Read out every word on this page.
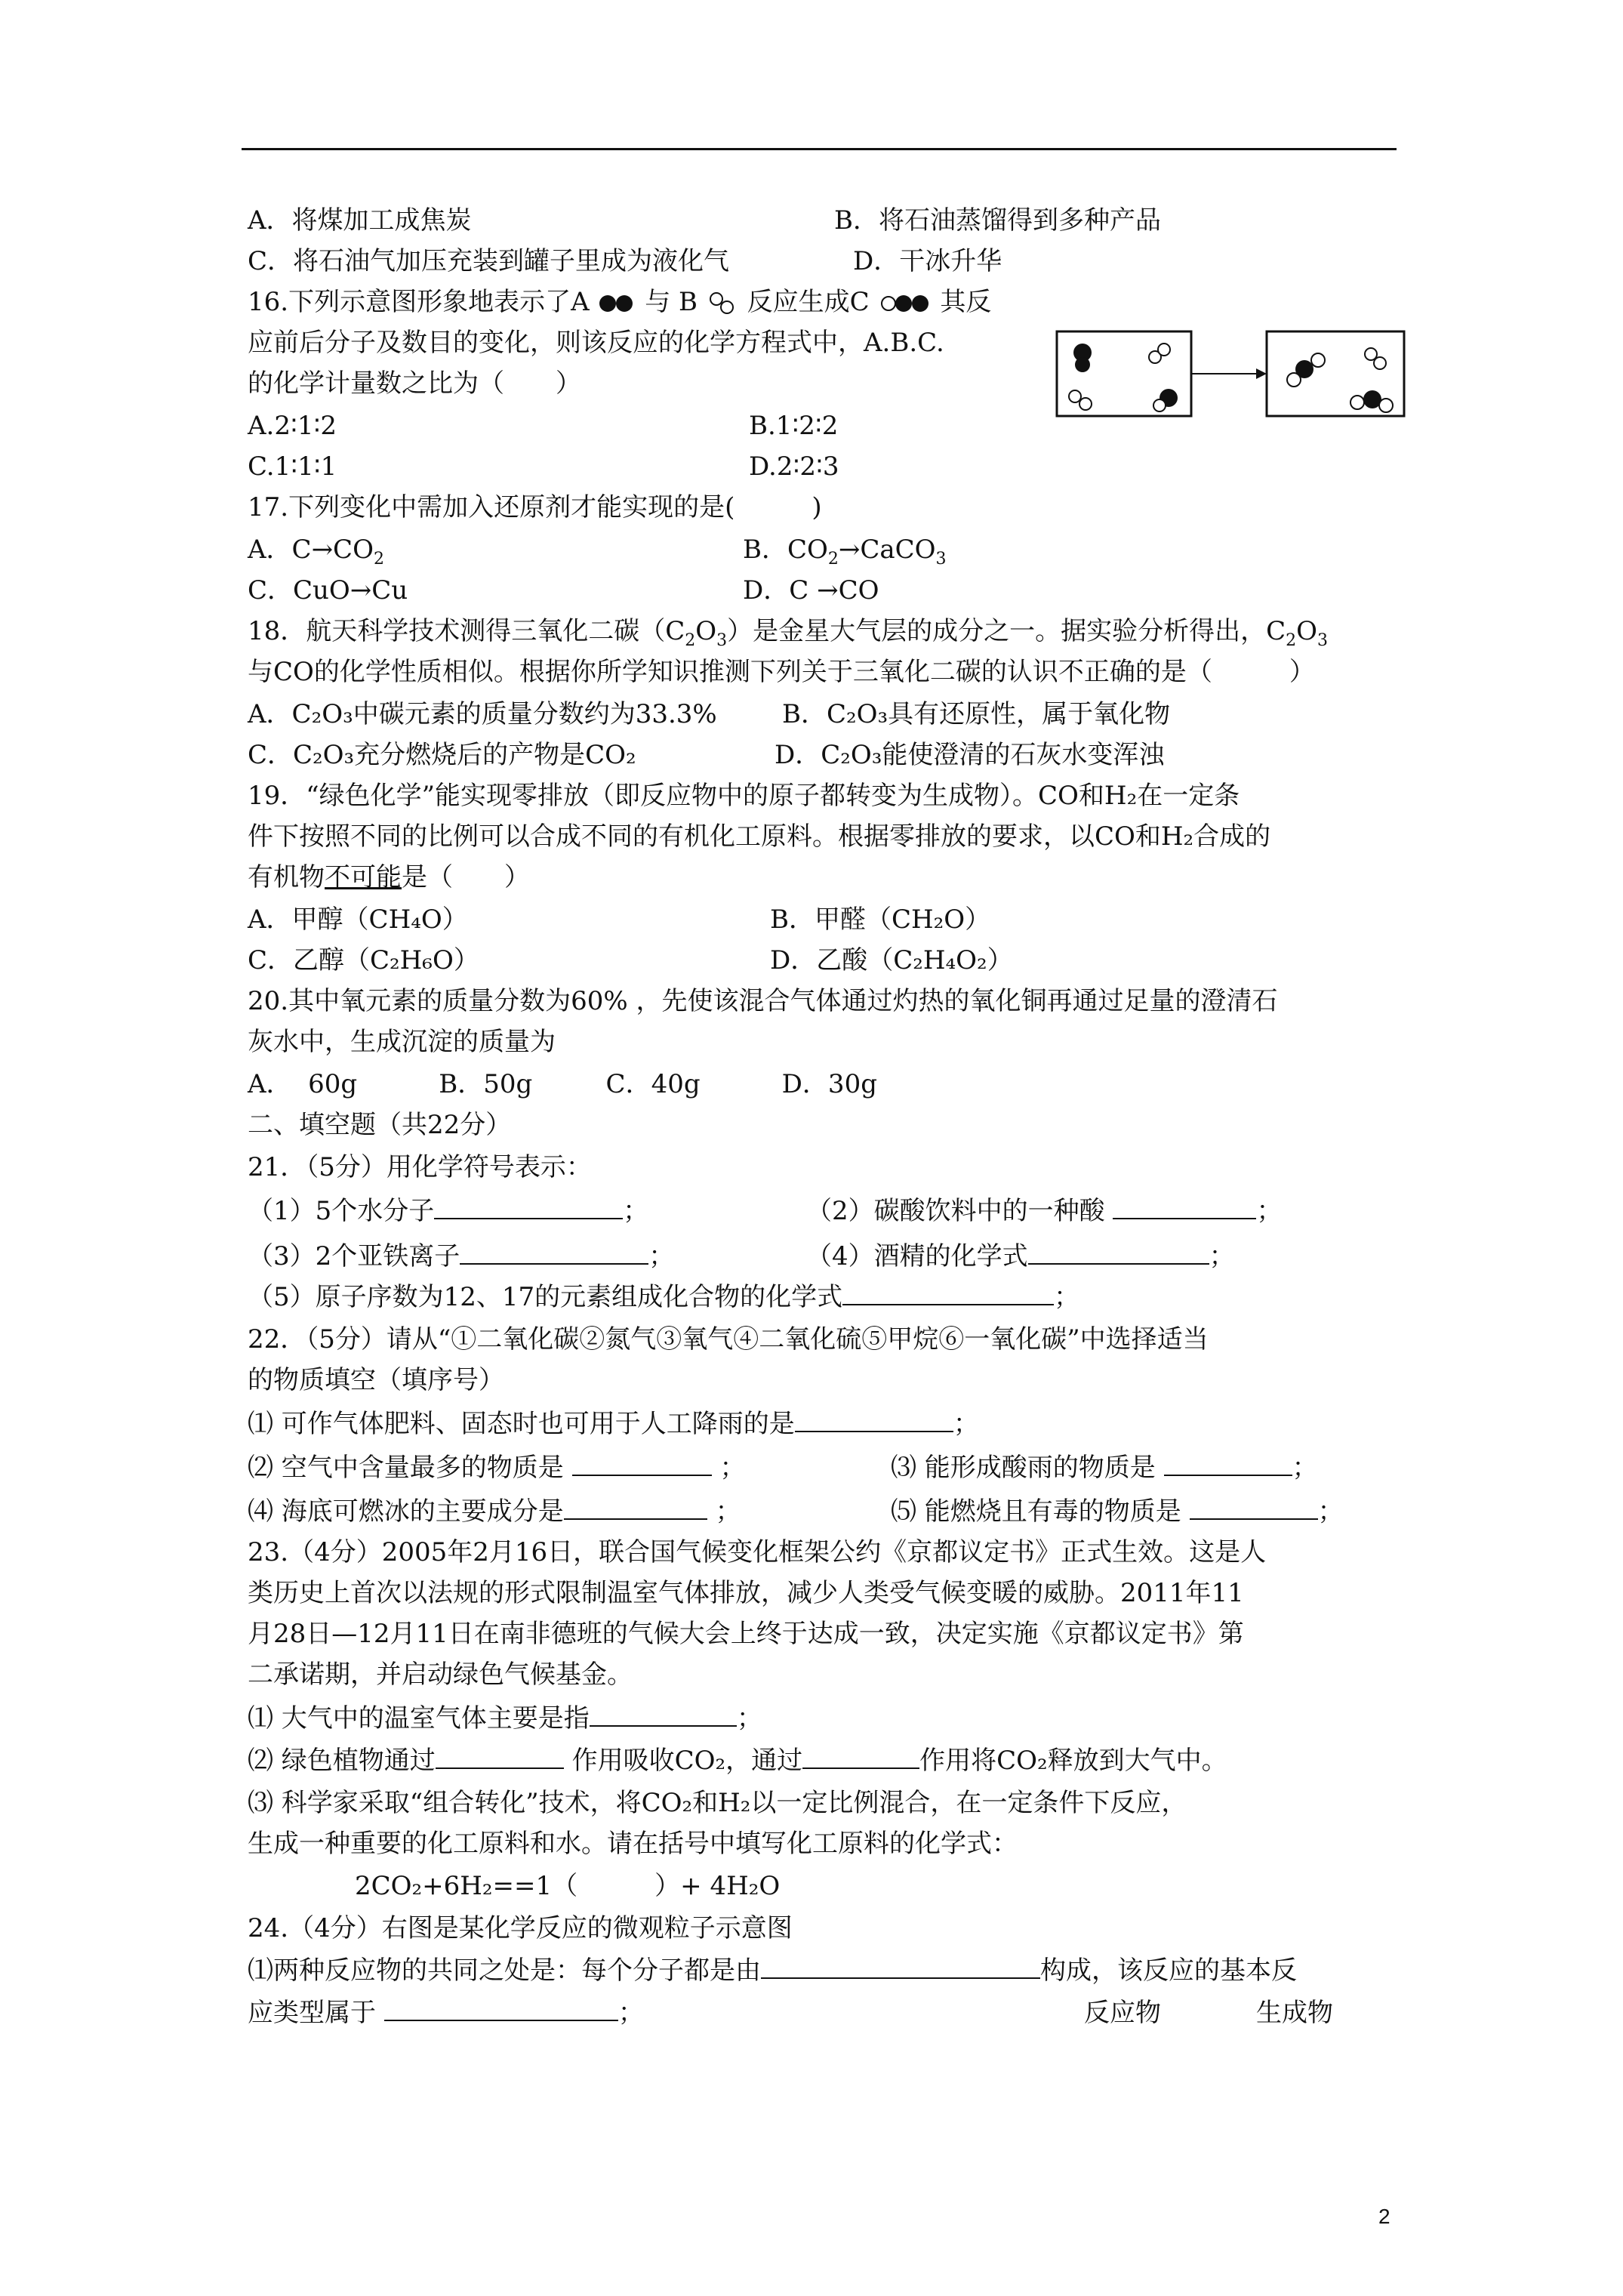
A．将煤加工成焦炭	B．将石油蒸馏得到多种产品
C．将石油气加压充装到罐子里成为液化气	D．干冰升华
16.下列示意图形象地表示了A 与 B 反应生成C	其反
应前后分子及数目的变化，则该反应的化学方程式中，A.B.C.
的化学计量数之比为（　　）
A.2∶1∶2	B.1∶2∶2
C.1∶1∶1	D.2∶2∶3
17.下列变化中需加入还原剂才能实现的是(　　　)
A．$C\to CO_2$	B．$CO_2\to CaCO_3$
C．CuO→Cu	D．C →CO
18．航天科学技术测得三氧化二碳$(C_2O_3)$是金星大气层的成分之一。据实验分析得出，$C_2O_3$
与CO的化学性质相似。根据你所学知识推测下列关于三氧化二碳的认识不正确的是（　　　）
A．C₂O₃中碳元素的质量分数约为33.3%	B．C₂O₃具有还原性，属于氧化物
C．C₂O₃充分燃烧后的产物是CO₂	D．C₂O₃能使澄清的石灰水变浑浊
19．“绿色化学”能实现零排放（即反应物中的原子都转变为生成物）。CO和H₂在一定条
件下按照不同的比例可以合成不同的有机化工原料。根据零排放的要求，以CO和H₂合成的
有机物不可能是（　　）
A．甲醇（CH₄O）	B．甲醛（CH₂O）
C．乙醇（C₂H₆O）	D．乙酸（C₂H₄O₂）
20.其中氧元素的质量分数为60% ，先使该混合气体通过灼热的氧化铜再通过足量的澄清石
灰水中，生成沉淀的质量为
A．  60g          B．50g         C．40g          D．30g
二、填空题（共22分）
21．（5分）用化学符号表示：
（1）5个水分子	；	（2）碳酸饮料中的一种酸	；
（3）2个亚铁离子	；	（4）酒精的化学式	；
（5）原子序数为12、17的元素组成化合物的化学式	；
22．（5分）请从“①二氧化碳②氮气③氧气④二氧化硫⑤甲烷⑥一氧化碳”中选择适当
的物质填空（填序号）
⑴ 可作气体肥料、固态时也可用于人工降雨的是	；
⑵ 空气中含量最多的物质是	；	⑶ 能形成酸雨的物质是	；
⑷ 海底可燃冰的主要成分是	；	⑸ 能燃烧且有毒的物质是	；
23.（4分）2005年2月16日，联合国气候变化框架公约《京都议定书》正式生效。这是人
类历史上首次以法规的形式限制温室气体排放，减少人类受气候变暖的威胁。2011年11
月28日—12月11日在南非德班的气候大会上终于达成一致，决定实施《京都议定书》第
二承诺期，并启动绿色气候基金。
⑴ 大气中的温室气体主要是指	；
⑵ 绿色植物通过	作用吸收CO₂，通过	作用将CO₂释放到大气中。
⑶ 科学家采取“组合转化”技术，将CO₂和H₂以一定比例混合，在一定条件下反应，
生成一种重要的化工原料和水。请在括号中填写化工原料的化学式：
2CO₂+6H₂==1（　　　）+ 4H₂O
24.（4分）右图是某化学反应的微观粒子示意图
⑴两种反应物的共同之处是：每个分子都是由	构成，该反应的基本反
应类型属于	；	反应物	生成物
2
